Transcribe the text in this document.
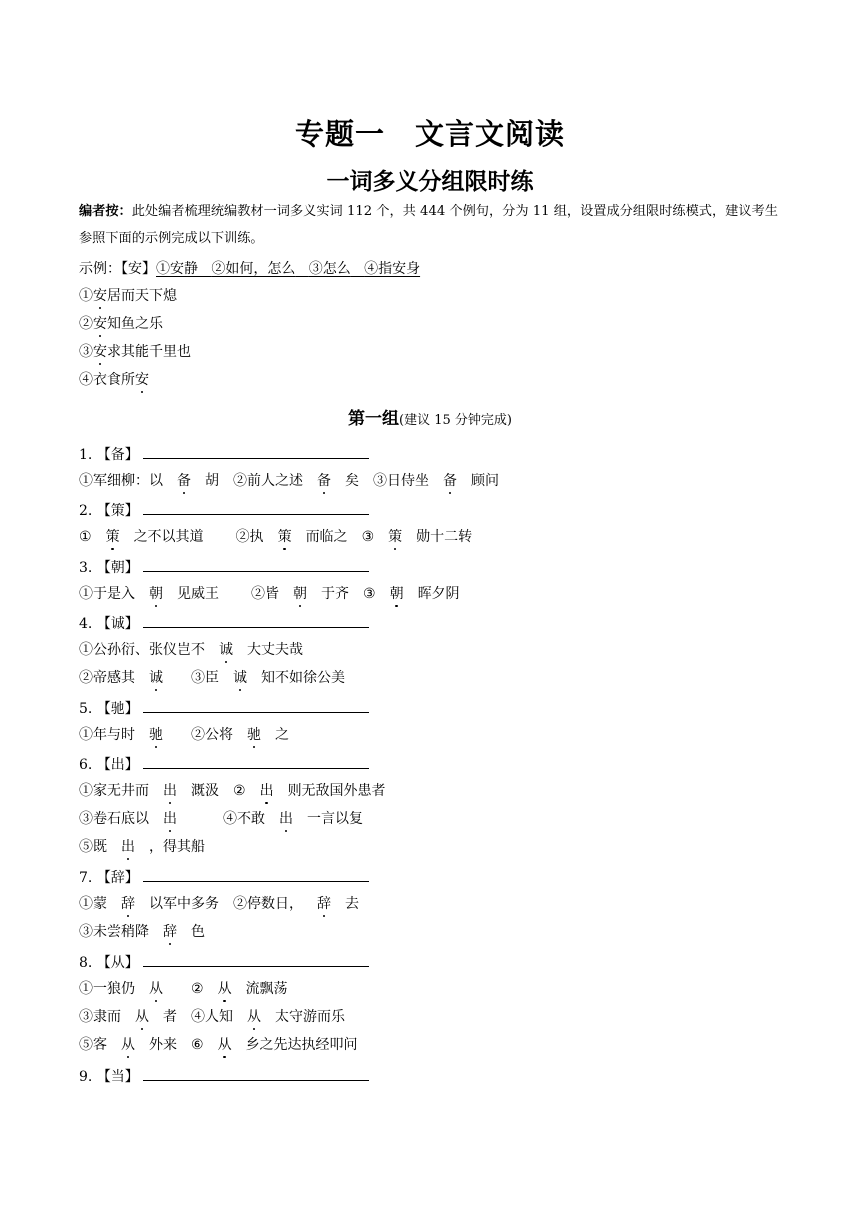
专题一 文言文阅读
一词多义分组限时练
编者按：此处编者梳理统编教材一词多义实词 112 个，共 444 个例句，分为 11 组，设置成分组限时练模式，建议考生参照下面的示例完成以下训练。
示例：【安】①安静 ②如何，怎么 ③怎么 ④指安身
①安居而天下熄
②安知鱼之乐
③安求其能千里也
④衣食所安
第一组(建议 15 分钟完成)
1. 【备】
①军细柳：以 备 胡 ②前人之述 备 矣 ③日侍坐 备 顾问
2. 【策】
① 策 之不以其道 ②执 策 而临之 ③ 策 勋十二转
3. 【朝】
①于是入 朝 见威王 ②皆 朝 于齐 ③ 朝 晖夕阴
4. 【诚】
①公孙衍、张仪岂不 诚 大丈夫哉
②帝感其 诚 ③臣 诚 知不如徐公美
5. 【驰】
①年与时 驰 ②公将 驰 之
6. 【出】
①家无井而 出 溉汲 ② 出 则无敌国外患者
③卷石底以 出	④不敢 出 一言以复
⑤既 出 ，得其船
7. 【辞】
①蒙 辞 以军中多务 ②停数日， 辞 去
③未尝稍降 辞 色
8. 【从】
①一狼仍 从 ② 从 流飘荡
③隶而 从 者 ④人知 从 太守游而乐
⑤客 从 外来 ⑥ 从 乡之先达执经叩问
9. 【当】
